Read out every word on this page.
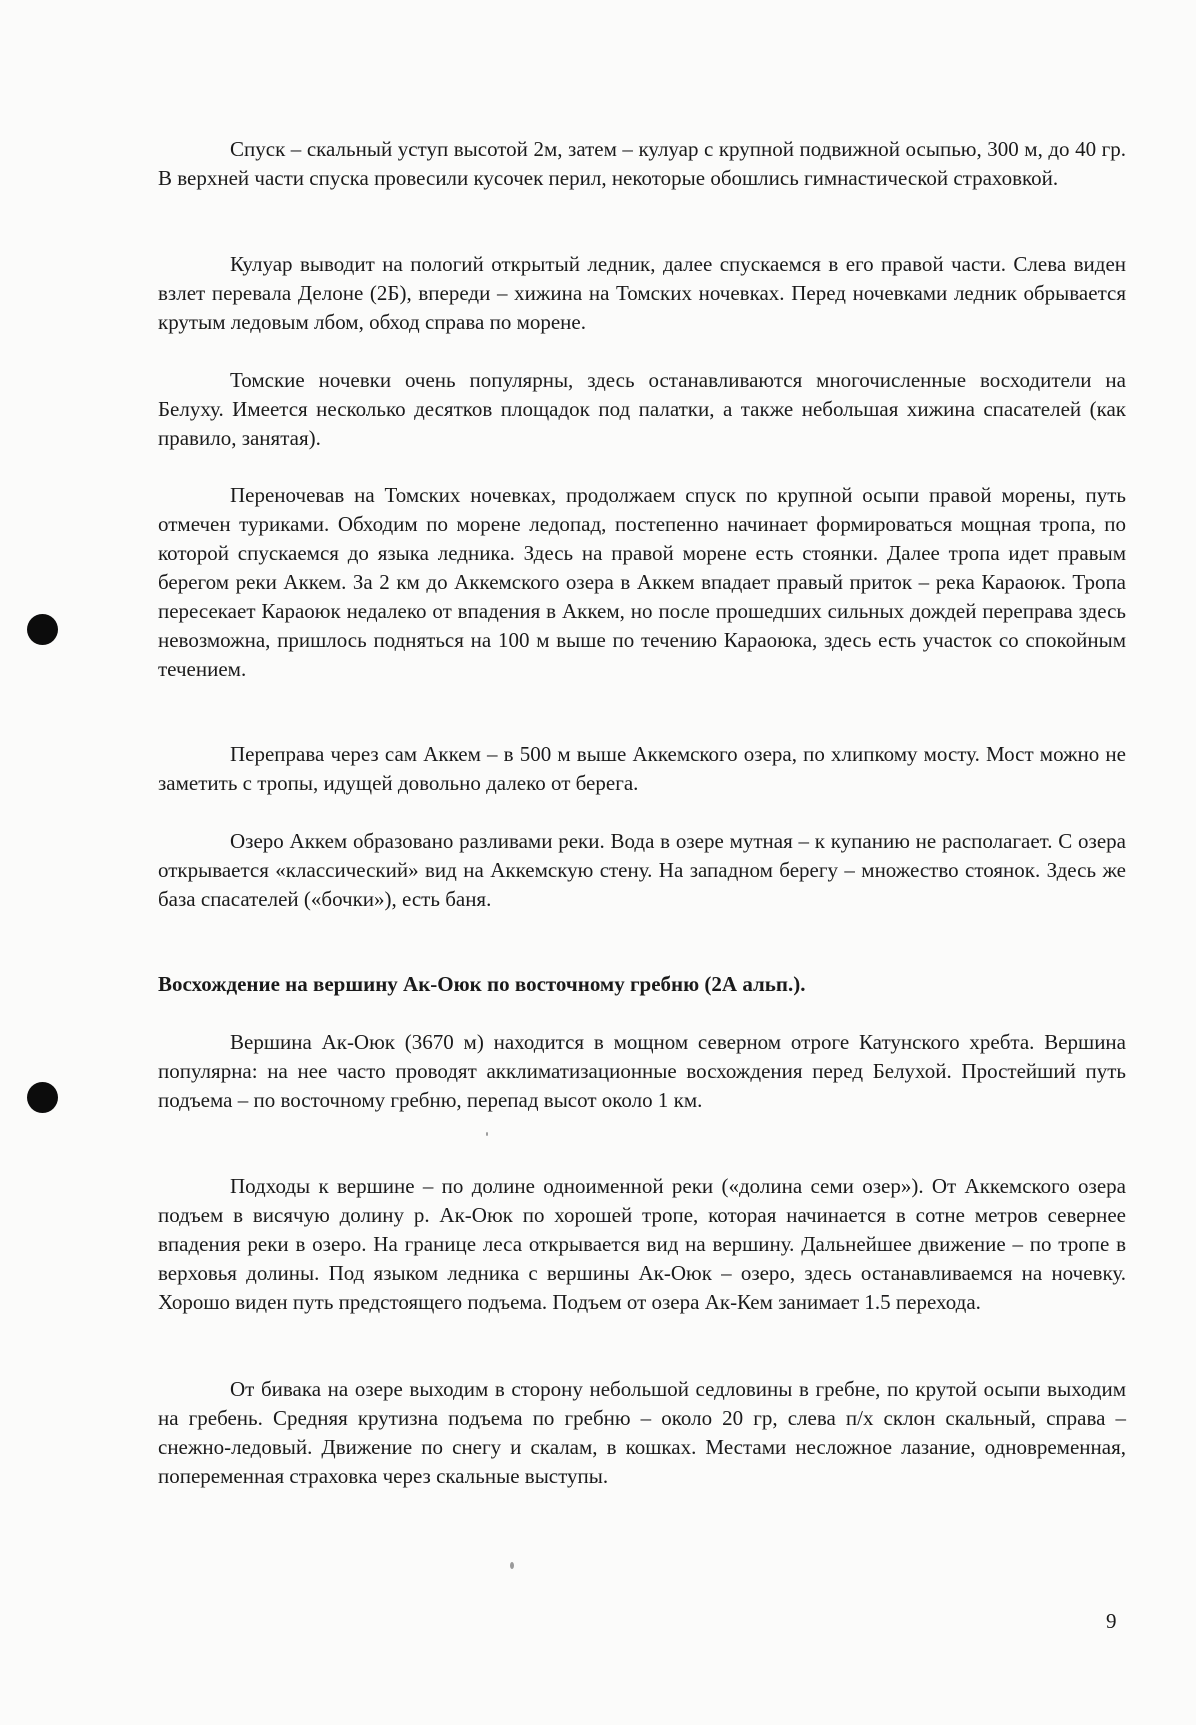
Спуск – скальный уступ высотой 2м, затем – кулуар с крупной подвижной осыпью, 300 м, до 40 гр. В верхней части спуска провесили кусочек перил, некоторые обошлись гимнастической страховкой.

Кулуар выводит на пологий открытый ледник, далее спускаемся в его правой части. Слева виден взлет перевала Делоне (2Б), впереди – хижина на Томских ночевках. Перед ночевками ледник обрывается крутым ледовым лбом, обход справа по морене.

Томские ночевки очень популярны, здесь останавливаются многочисленные восходители на Белуху. Имеется несколько десятков площадок под палатки, а также небольшая хижина спасателей (как правило, занятая).

Переночевав на Томских ночевках, продолжаем спуск по крупной осыпи правой морены, путь отмечен туриками. Обходим по морене ледопад, постепенно начинает формироваться мощная тропа, по которой спускаемся до языка ледника. Здесь на правой морене есть стоянки. Далее тропа идет правым берегом реки Аккем. За 2 км до Аккемского озера в Аккем впадает правый приток – река Караоюк. Тропа пересекает Караоюк недалеко от впадения в Аккем, но после прошедших сильных дождей переправа здесь невозможна, пришлось подняться на 100 м выше по течению Караоюка, здесь есть участок со спокойным течением.

Переправа через сам Аккем – в 500 м выше Аккемского озера, по хлипкому мосту. Мост можно не заметить с тропы, идущей довольно далеко от берега.

Озеро Аккем образовано разливами реки. Вода в озере мутная – к купанию не располагает. С озера открывается «классический» вид на Аккемскую стену. На западном берегу – множество стоянок. Здесь же база спасателей («бочки»), есть баня.

Восхождение на вершину Ак-Оюк по восточному гребню (2А альп.).

Вершина Ак-Оюк (3670 м) находится в мощном северном отроге Катунского хребта. Вершина популярна: на нее часто проводят акклиматизационные восхождения перед Белухой. Простейший путь подъема – по восточному гребню, перепад высот около 1 км.

Подходы к вершине – по долине одноименной реки («долина семи озер»). От Аккемского озера подъем в висячую долину р. Ак-Оюк по хорошей тропе, которая начинается в сотне метров севернее впадения реки в озеро. На границе леса открывается вид на вершину. Дальнейшее движение – по тропе в верховья долины. Под языком ледника с вершины Ак-Оюк – озеро, здесь останавливаемся на ночевку. Хорошо виден путь предстоящего подъема. Подъем от озера Ак-Кем занимает 1.5 перехода.

От бивака на озере выходим в сторону небольшой седловины в гребне, по крутой осыпи выходим на гребень. Средняя крутизна подъема по гребню – около 20 гр, слева п/х склон скальный, справа – снежно-ледовый. Движение по снегу и скалам, в кошках. Местами несложное лазание, одновременная, попеременная страховка через скальные выступы.

9
